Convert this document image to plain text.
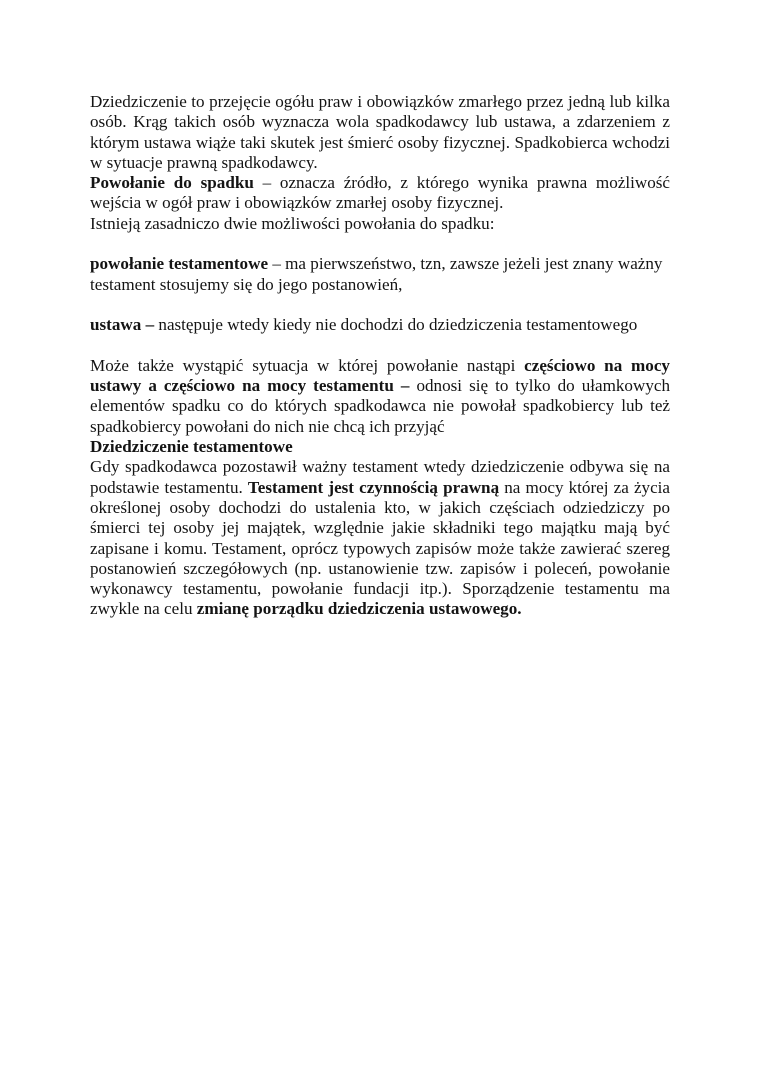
Dziedziczenie to przejęcie ogółu praw i obowiązków zmarłego przez jedną lub kilka osób. Krąg takich osób wyznacza wola spadkodawcy lub ustawa, a zdarzeniem z którym ustawa wiąże taki skutek jest śmierć osoby fizycznej. Spadkobierca wchodzi w sytuacje prawną spadkodawcy.

Powołanie do spadku – oznacza źródło, z którego wynika prawna możliwość wejścia w ogół praw i obowiązków zmarłej osoby fizycznej.

Istnieją zasadniczo dwie możliwości powołania do spadku:

powołanie testamentowe – ma pierwszeństwo, tzn, zawsze jeżeli jest znany ważny testament stosujemy się do jego postanowień,

ustawa – następuje wtedy kiedy nie dochodzi do dziedziczenia testamentowego

Może także wystąpić sytuacja w której powołanie nastąpi częściowo na mocy ustawy a częściowo na mocy testamentu – odnosi się to tylko do ułamkowych elementów spadku co do których spadkodawca nie powołał spadkobiercy lub też spadkobiercy powołani do nich nie chcą ich przyjąć

Dziedziczenie testamentowe

Gdy spadkodawca pozostawił ważny testament wtedy dziedziczenie odbywa się na podstawie testamentu. Testament jest czynnością prawną na mocy której za życia określonej osoby dochodzi do ustalenia kto, w jakich częściach odziedziczy po śmierci tej osoby jej majątek, względnie jakie składniki tego majątku mają być zapisane i komu. Testament, oprócz typowych zapisów może także zawierać szereg postanowień szczegółowych (np. ustanowienie tzw. zapisów i poleceń, powołanie wykonawcy testamentu, powołanie fundacji itp.). Sporządzenie testamentu ma zwykle na celu zmianę porządku dziedziczenia ustawowego.
